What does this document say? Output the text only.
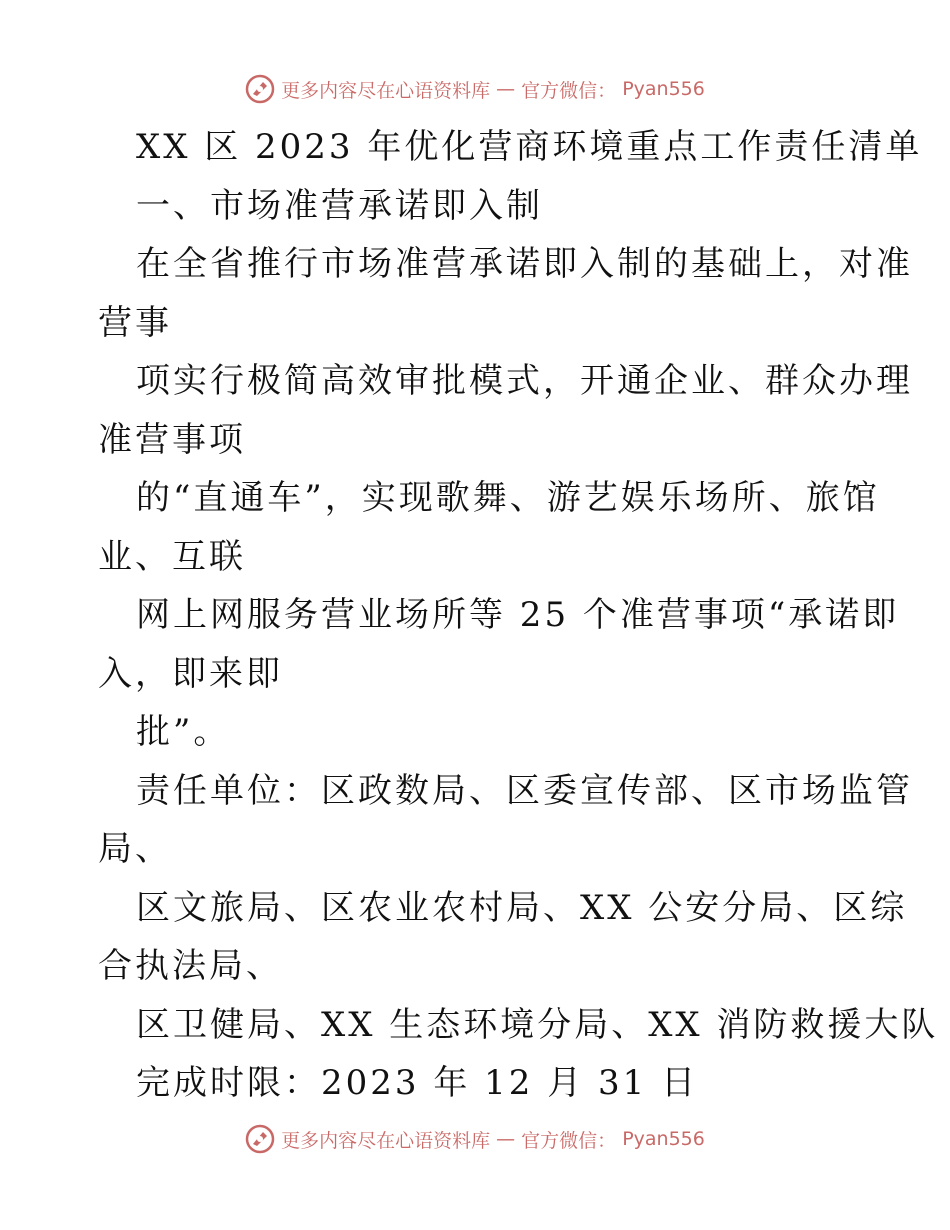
更多内容尽在心语资料库 — 官方微信： Pyan556

XX 区 2023 年优化营商环境重点工作责任清单

一、市场准营承诺即入制

在全省推行市场准营承诺即入制的基础上，对准

营事

项实行极简高效审批模式，开通企业、群众办理

准营事项

的“直通车”，实现歌舞、游艺娱乐场所、旅馆

业、互联

网上网服务营业场所等 25 个准营事项“承诺即

入，即来即

批”。

责任单位：区政数局、区委宣传部、区市场监管

局、

区文旅局、区农业农村局、XX 公安分局、区综

合执法局、

区卫健局、XX 生态环境分局、XX 消防救援大队

完成时限：2023 年 12 月 31 日

更多内容尽在心语资料库 — 官方微信： Pyan556
